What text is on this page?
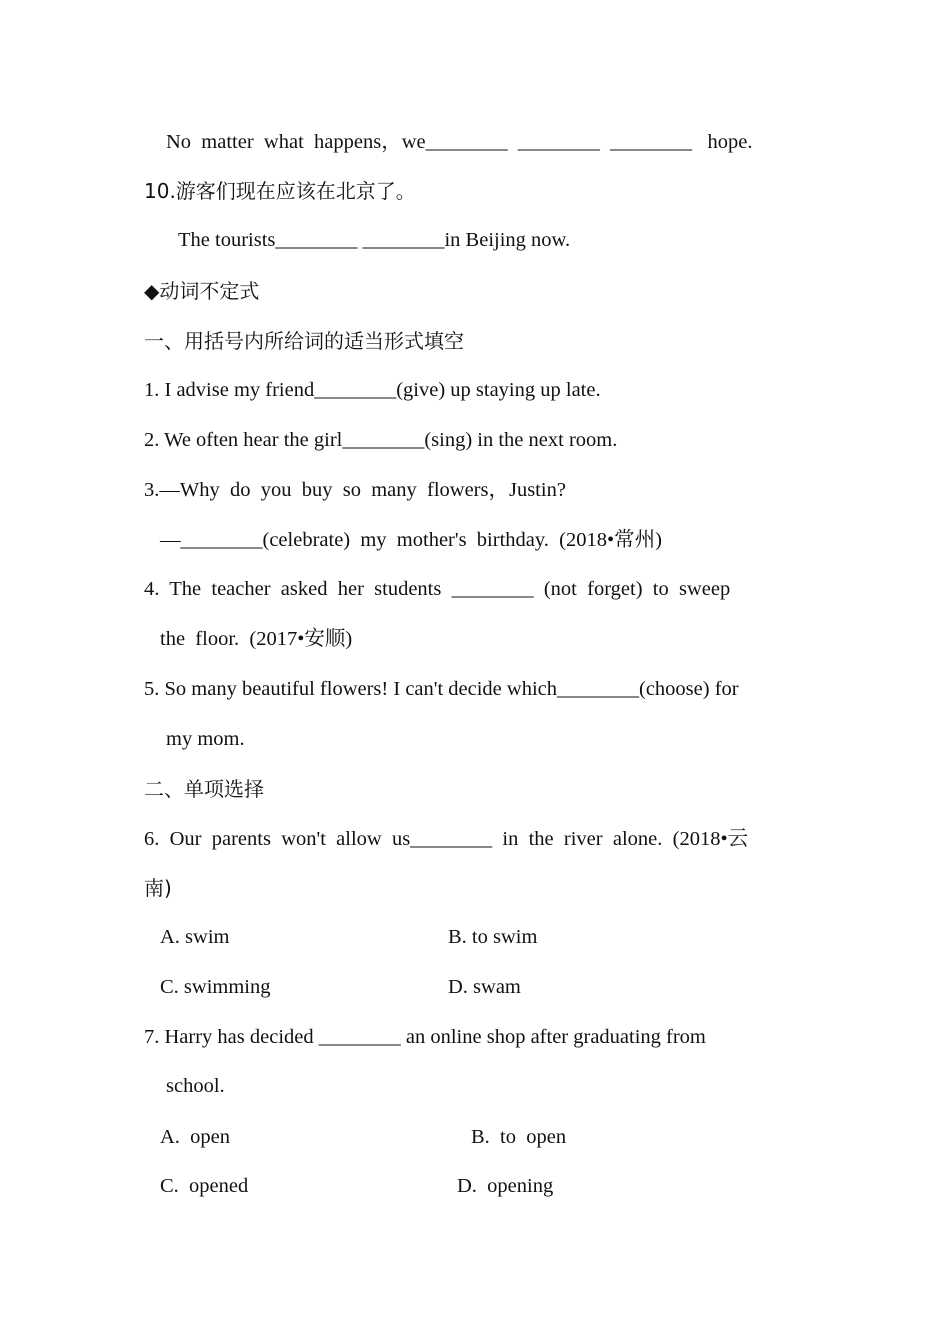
No  matter  what  happens，we________  ________  ________   hope.
10.游客们现在应该在北京了。
The tourists________ ________in Beijing now.
◆动词不定式
一、用括号内所给词的适当形式填空
1. I advise my friend________(give) up staying up late.
2. We often hear the girl________(sing) in the next room.
3.—Why  do  you  buy  so  many  flowers，Justin?
—________(celebrate)  my  mother's  birthday.  (2018•常州)
4.  The  teacher  asked  her  students  ________  (not  forget)  to  sweep
the  floor.  (2017•安顺)
5. So many beautiful flowers! I can't decide which________(choose) for
my mom.
二、单项选择
6.  Our  parents  won't  allow  us________  in  the  river  alone.  (2018•云
南)
A. swim	B. to swim
C. swimming	D. swam
7. Harry has decided ________ an online shop after graduating from
school.
A.  open	B.  to  open
C.  opened	D.  opening
